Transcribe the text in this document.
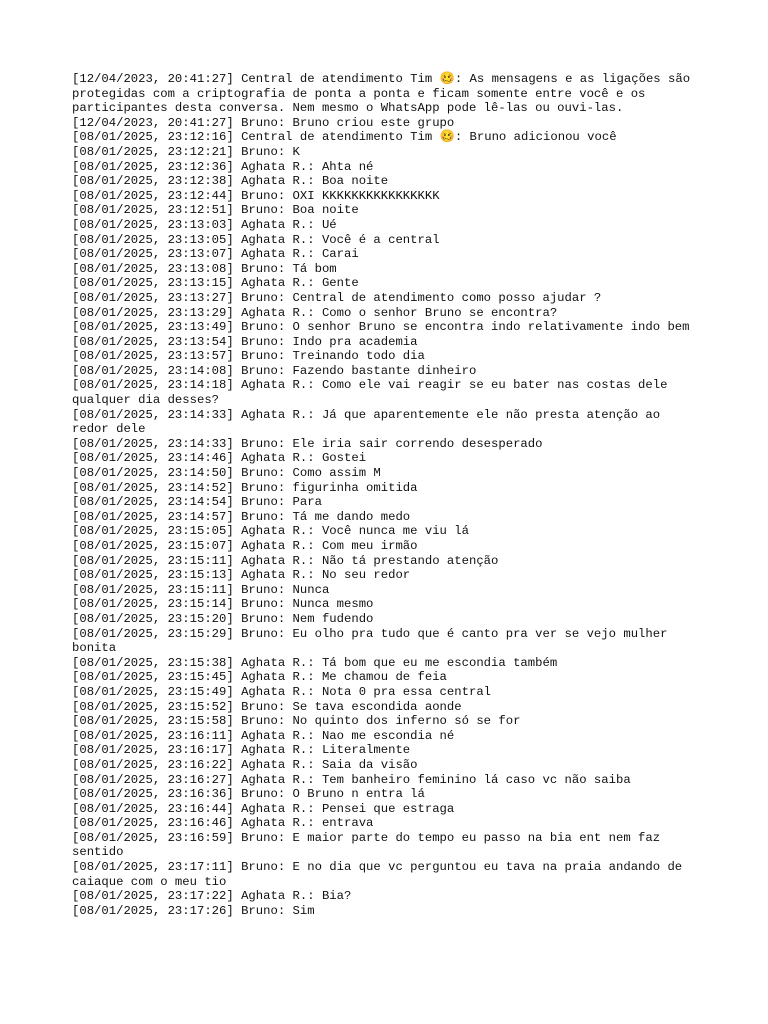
[12/04/2023, 20:41:27] Central de atendimento Tim 🥴: As mensagens e as ligações são protegidas com a criptografia de ponta a ponta e ficam somente entre você e os participantes desta conversa. Nem mesmo o WhatsApp pode lê-las ou ouvi-las.
[12/04/2023, 20:41:27] Bruno: Bruno criou este grupo
[08/01/2025, 23:12:16] Central de atendimento Tim 🥴: Bruno adicionou você
[08/01/2025, 23:12:21] Bruno: K
[08/01/2025, 23:12:36] Aghata R.: Ahta né
[08/01/2025, 23:12:38] Aghata R.: Boa noite
[08/01/2025, 23:12:44] Bruno: OXI KKKKKKKKKKKKKKKK
[08/01/2025, 23:12:51] Bruno: Boa noite
[08/01/2025, 23:13:03] Aghata R.: Ué
[08/01/2025, 23:13:05] Aghata R.: Você é a central
[08/01/2025, 23:13:07] Aghata R.: Carai
[08/01/2025, 23:13:08] Bruno: Tá bom
[08/01/2025, 23:13:15] Aghata R.: Gente
[08/01/2025, 23:13:27] Bruno: Central de atendimento como posso ajudar ?
[08/01/2025, 23:13:29] Aghata R.: Como o senhor Bruno se encontra?
[08/01/2025, 23:13:49] Bruno: O senhor Bruno se encontra indo relativamente indo bem
[08/01/2025, 23:13:54] Bruno: Indo pra academia
[08/01/2025, 23:13:57] Bruno: Treinando todo dia
[08/01/2025, 23:14:08] Bruno: Fazendo bastante dinheiro
[08/01/2025, 23:14:18] Aghata R.: Como ele vai reagir se eu bater nas costas dele qualquer dia desses?
[08/01/2025, 23:14:33] Aghata R.: Já que aparentemente ele não presta atenção ao redor dele
[08/01/2025, 23:14:33] Bruno: Ele iria sair correndo desesperado
[08/01/2025, 23:14:46] Aghata R.: Gostei
[08/01/2025, 23:14:50] Bruno: Como assim M
[08/01/2025, 23:14:52] Bruno: figurinha omitida
[08/01/2025, 23:14:54] Bruno: Para
[08/01/2025, 23:14:57] Bruno: Tá me dando medo
[08/01/2025, 23:15:05] Aghata R.: Você nunca me viu lá
[08/01/2025, 23:15:07] Aghata R.: Com meu irmão
[08/01/2025, 23:15:11] Aghata R.: Não tá prestando atenção
[08/01/2025, 23:15:13] Aghata R.: No seu redor
[08/01/2025, 23:15:11] Bruno: Nunca
[08/01/2025, 23:15:14] Bruno: Nunca mesmo
[08/01/2025, 23:15:20] Bruno: Nem fudendo
[08/01/2025, 23:15:29] Bruno: Eu olho pra tudo que é canto pra ver se vejo mulher bonita
[08/01/2025, 23:15:38] Aghata R.: Tá bom que eu me escondia também
[08/01/2025, 23:15:45] Aghata R.: Me chamou de feia
[08/01/2025, 23:15:49] Aghata R.: Nota 0 pra essa central
[08/01/2025, 23:15:52] Bruno: Se tava escondida aonde
[08/01/2025, 23:15:58] Bruno: No quinto dos inferno só se for
[08/01/2025, 23:16:11] Aghata R.: Nao me escondia né
[08/01/2025, 23:16:17] Aghata R.: Literalmente
[08/01/2025, 23:16:22] Aghata R.: Saia da visão
[08/01/2025, 23:16:27] Aghata R.: Tem banheiro feminino lá caso vc não saiba
[08/01/2025, 23:16:36] Bruno: O Bruno n entra lá
[08/01/2025, 23:16:44] Aghata R.: Pensei que estraga
[08/01/2025, 23:16:46] Aghata R.: entrava
[08/01/2025, 23:16:59] Bruno: E maior parte do tempo eu passo na bia ent nem faz sentido
[08/01/2025, 23:17:11] Bruno: E no dia que vc perguntou eu tava na praia andando de caiaque com o meu tio
[08/01/2025, 23:17:22] Aghata R.: Bia?
[08/01/2025, 23:17:26] Bruno: Sim
